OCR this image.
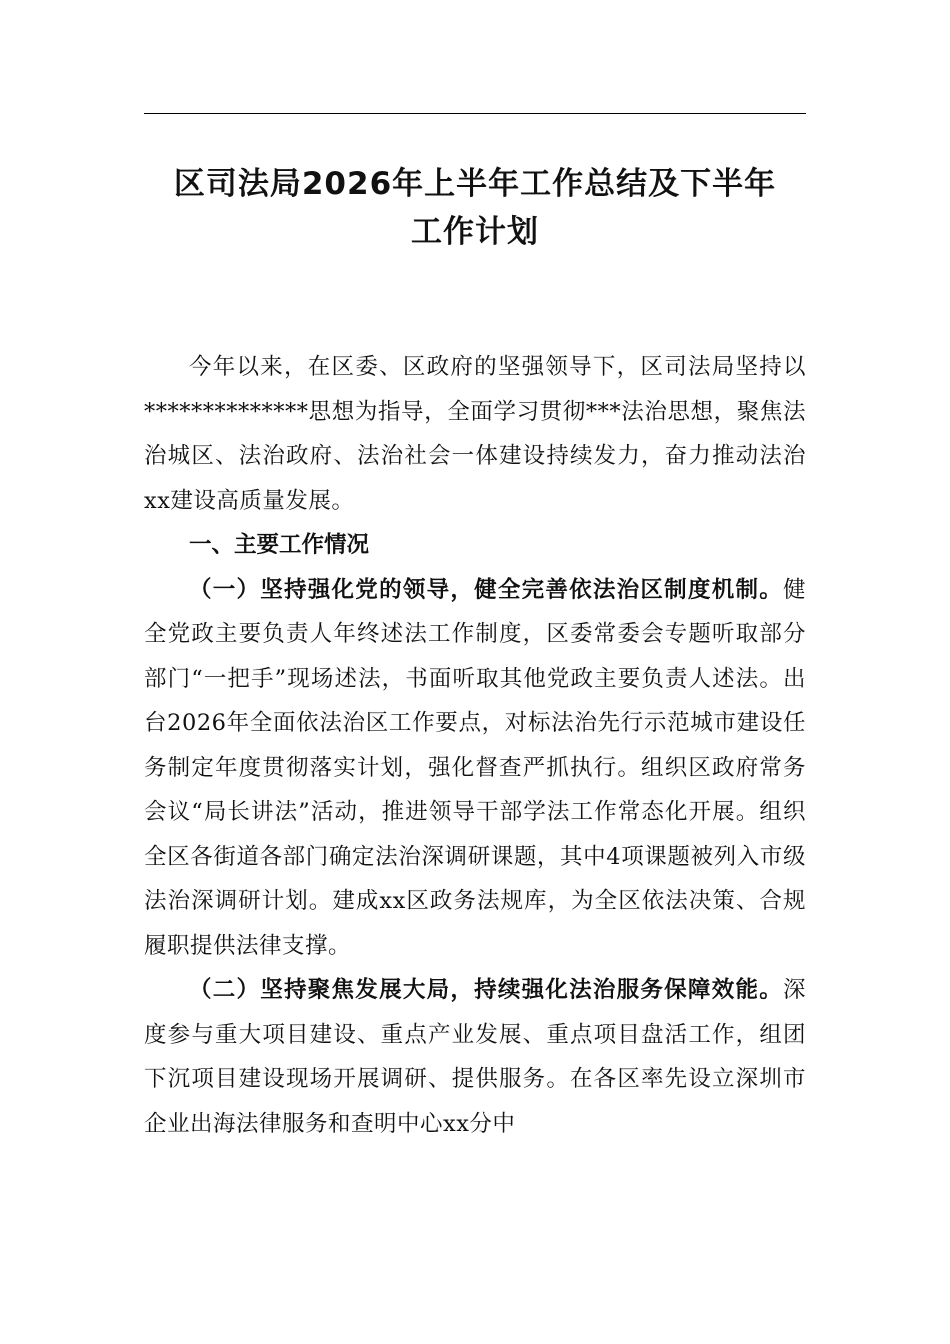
区司法局2026年上半年工作总结及下半年
工作计划

今年以来，在区委、区政府的坚强领导下，区司法局坚持以**************思想为指导，全面学习贯彻***法治思想，聚焦法治城区、法治政府、法治社会一体建设持续发力，奋力推动法治xx建设高质量发展。

一、主要工作情况

（一）坚持强化党的领导，健全完善依法治区制度机制。健全党政主要负责人年终述法工作制度，区委常委会专题听取部分部门“一把手”现场述法，书面听取其他党政主要负责人述法。出台2026年全面依法治区工作要点，对标法治先行示范城市建设任务制定年度贯彻落实计划，强化督查严抓执行。组织区政府常务会议“局长讲法”活动，推进领导干部学法工作常态化开展。组织全区各街道各部门确定法治深调研课题，其中4项课题被列入市级法治深调研计划。建成xx区政务法规库，为全区依法决策、合规履职提供法律支撑。

（二）坚持聚焦发展大局，持续强化法治服务保障效能。深度参与重大项目建设、重点产业发展、重点项目盘活工作，组团下沉项目建设现场开展调研、提供服务。在各区率先设立深圳市企业出海法律服务和查明中心xx分中
